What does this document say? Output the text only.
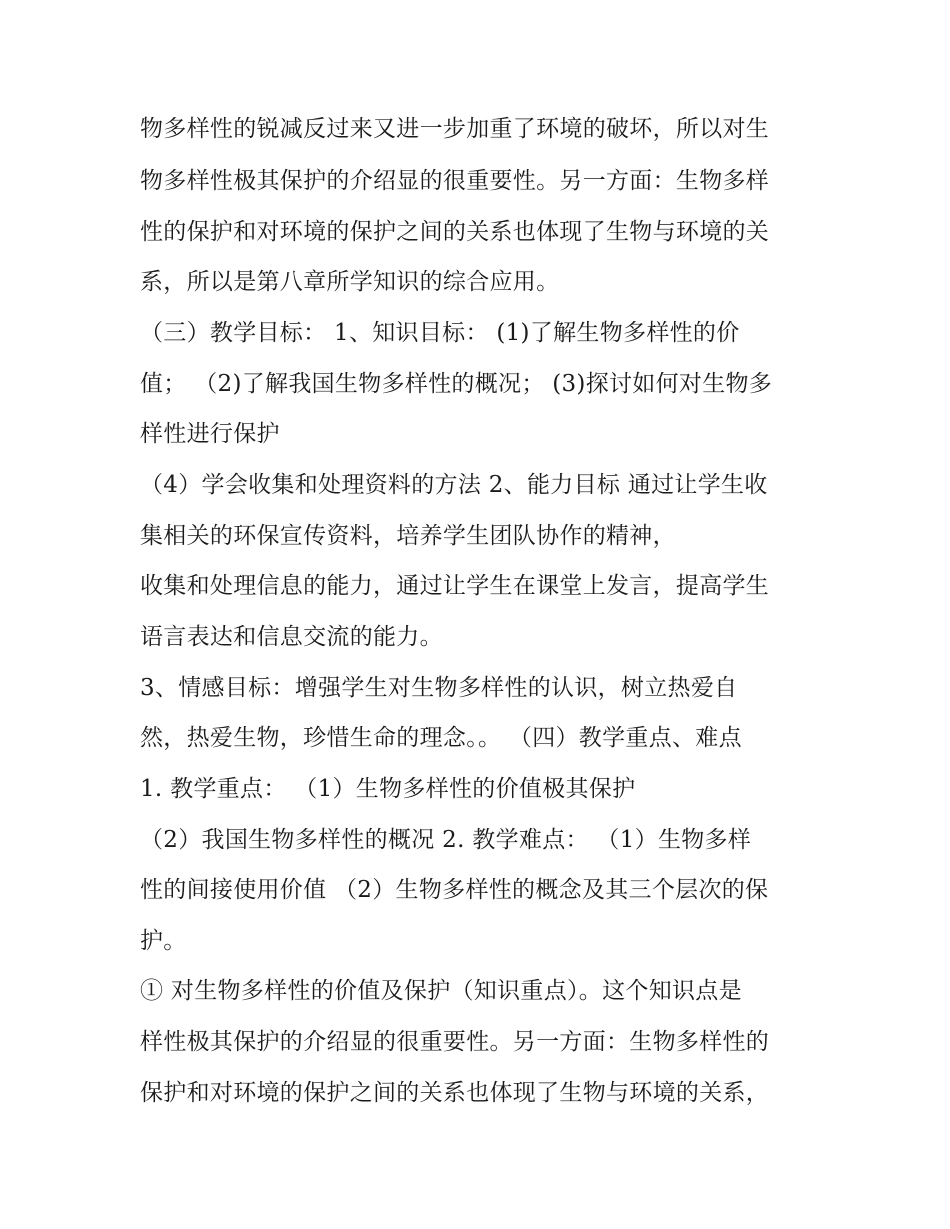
物多样性的锐减反过来又进一步加重了环境的破坏，所以对生
物多样性极其保护的介绍显的很重要性。另一方面：生物多样
性的保护和对环境的保护之间的关系也体现了生物与环境的关
系，所以是第八章所学知识的综合应用。
（三）教学目标： 1、知识目标： (1)了解生物多样性的价
值； （2)了解我国生物多样性的概况； (3)探讨如何对生物多
样性进行保护
（4）学会收集和处理资料的方法 2、能力目标 通过让学生收
集相关的环保宣传资料，培养学生团队协作的精神，
收集和处理信息的能力，通过让学生在课堂上发言，提高学生
语言表达和信息交流的能力。
3、情感目标：增强学生对生物多样性的认识，树立热爱自
然，热爱生物，珍惜生命的理念。。 （四）教学重点、难点
1. 教学重点： （1）生物多样性的价值极其保护
（2）我国生物多样性的概况 2. 教学难点： （1）生物多样
性的间接使用价值 （2）生物多样性的概念及其三个层次的保
护。
① 对生物多样性的价值及保护（知识重点）。这个知识点是
样性极其保护的介绍显的很重要性。另一方面：生物多样性的
保护和对环境的保护之间的关系也体现了生物与环境的关系，
